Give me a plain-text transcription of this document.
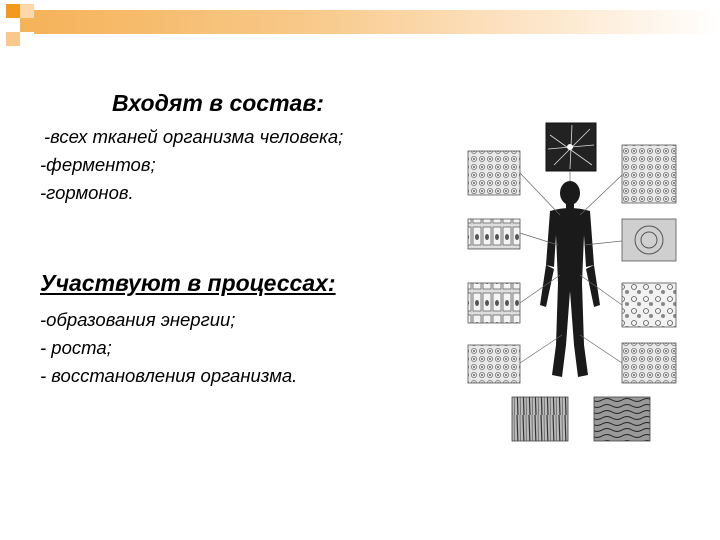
Входят в состав:
-всех тканей организма человека;
-ферментов;
-гормонов.
Участвуют в процессах:
-образования энергии;
- роста;
- восстановления организма.
